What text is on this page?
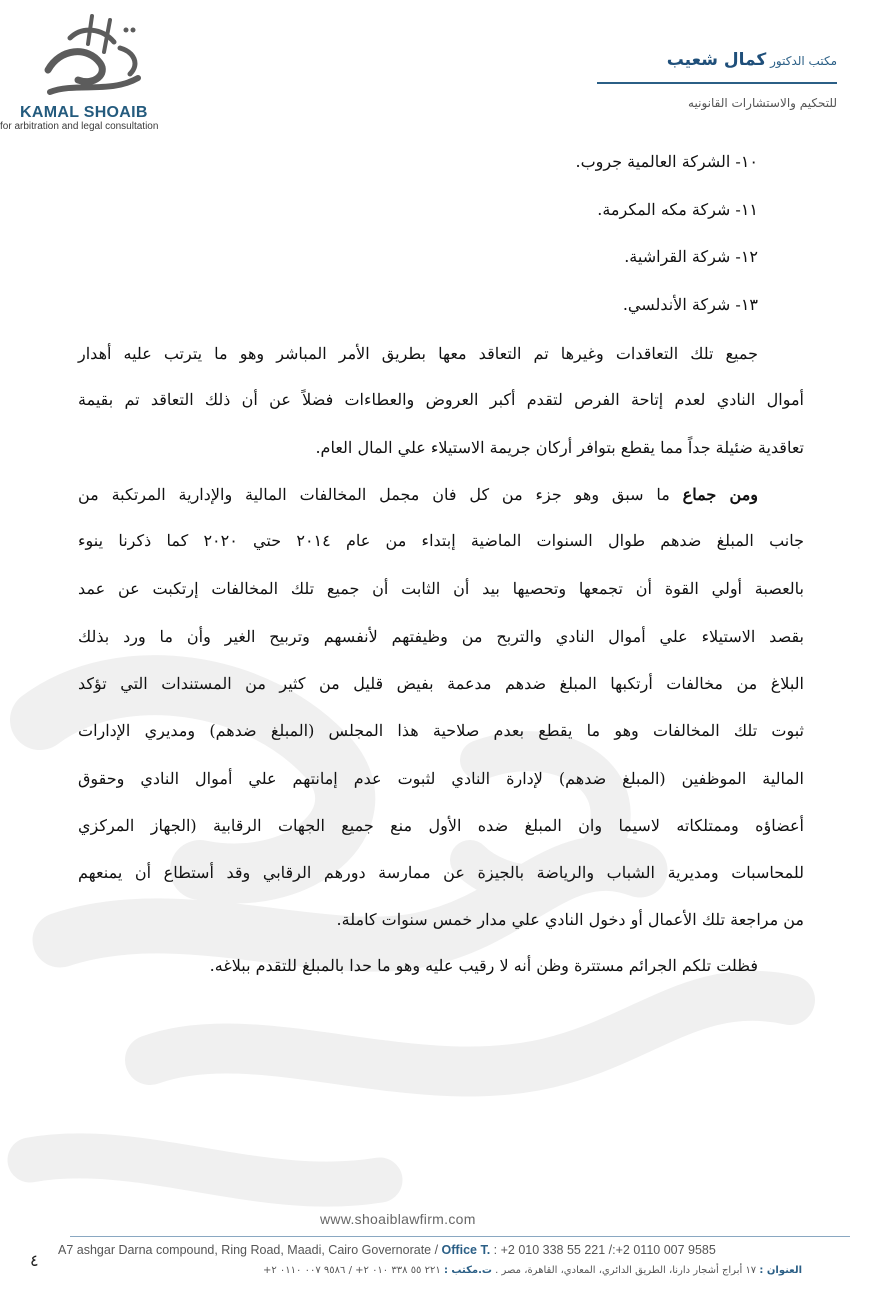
KAMAL SHOAIB
for arbitration and legal consultation
مكتب الدكتور كمال شعيب
للتحكيم والاستشارات القانونيه
١٠- الشركة العالمية جروب.
١١- شركة مكه المكرمة.
١٢- شركة القراشية.
١٣- شركة الأندلسي.
جميع تلك التعاقدات وغيرها تم التعاقد معها بطريق الأمر المباشر وهو ما يترتب عليه أهدار
أموال النادي لعدم إتاحة الفرص لتقدم أكبر العروض والعطاءات فضلاً عن أن ذلك التعاقد تم بقيمة
تعاقدية ضئيلة جداً مما يقطع بتوافر أركان جريمة الاستيلاء علي المال العام.
ومن جماع ما سبق وهو جزء من كل فان مجمل المخالفات المالية والإدارية المرتكبة من
جانب المبلغ ضدهم طوال السنوات الماضية إبتداء من عام ٢٠١٤ حتي ٢٠٢٠ كما ذكرنا ينوء
بالعصبة أولي القوة أن تجمعها وتحصيها بيد أن الثابت أن جميع تلك المخالفات إرتكبت عن عمد
بقصد الاستيلاء علي أموال النادي والتربح من وظيفتهم لأنفسهم وتربيح الغير وأن ما ورد بذلك
البلاغ من مخالفات أرتكبها المبلغ ضدهم مدعمة بفيض قليل من كثير من المستندات التي تؤكد
ثبوت تلك المخالفات وهو ما يقطع بعدم صلاحية هذا المجلس (المبلغ ضدهم) ومديري الإدارات
المالية الموظفين (المبلغ ضدهم) لإدارة النادي لثبوت عدم إمانتهم علي أموال النادي وحقوق
أعضاؤه وممتلكاته لاسيما وان المبلغ ضده الأول منع جميع الجهات الرقابية (الجهاز المركزي
للمحاسبات ومديرية الشباب والرياضة بالجيزة عن ممارسة دورهم الرقابي وقد أستطاع أن يمنعهم
من مراجعة تلك الأعمال أو دخول النادي علي مدار خمس سنوات كاملة.
فظلت تلكم الجرائم مستترة وظن أنه لا رقيب عليه وهو ما حدا بالمبلغ للتقدم ببلاغه.
www.shoaiblawfirm.com
٤
A7 ashgar Darna compound, Ring Road, Maadi, Cairo Governorate / Office T. : +2 010 338 55 221 /:+2 0110 007 9585
العنوان : ١٧ أبراج أشجار دارنا، الطريق الدائري، المعادي، القاهرة، مصر . ت.مكتب : ٢٢١ ٥٥ ٣٣٨ ٠١٠ ٢+ / ٩٥٨٦ ٠٠٧ ٠١١٠ ٢+
